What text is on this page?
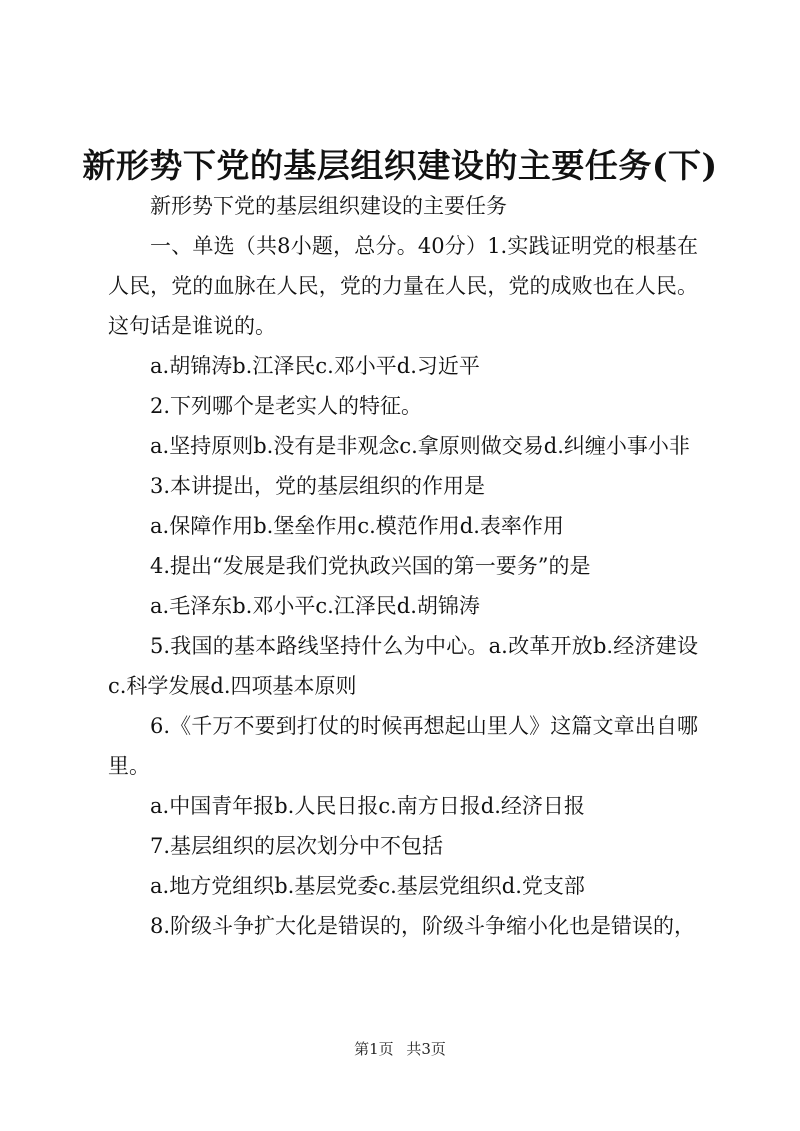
新形势下党的基层组织建设的主要任务(下)

新形势下党的基层组织建设的主要任务

一、单选（共8小题，总分。40分）1.实践证明党的根基在人民，党的血脉在人民，党的力量在人民，党的成败也在人民。这句话是谁说的。

a.胡锦涛b.江泽民c.邓小平d.习近平

2.下列哪个是老实人的特征。

a.坚持原则b.没有是非观念c.拿原则做交易d.纠缠小事小非

3.本讲提出，党的基层组织的作用是

a.保障作用b.堡垒作用c.模范作用d.表率作用

4.提出“发展是我们党执政兴国的第一要务”的是

a.毛泽东b.邓小平c.江泽民d.胡锦涛

5.我国的基本路线坚持什么为中心。a.改革开放b.经济建设c.科学发展d.四项基本原则

6.《千万不要到打仗的时候再想起山里人》这篇文章出自哪里。

a.中国青年报b.人民日报c.南方日报d.经济日报

7.基层组织的层次划分中不包括

a.地方党组织b.基层党委c.基层党组织d.党支部

8.阶级斗争扩大化是错误的，阶级斗争缩小化也是错误的，

第1页 共3页
